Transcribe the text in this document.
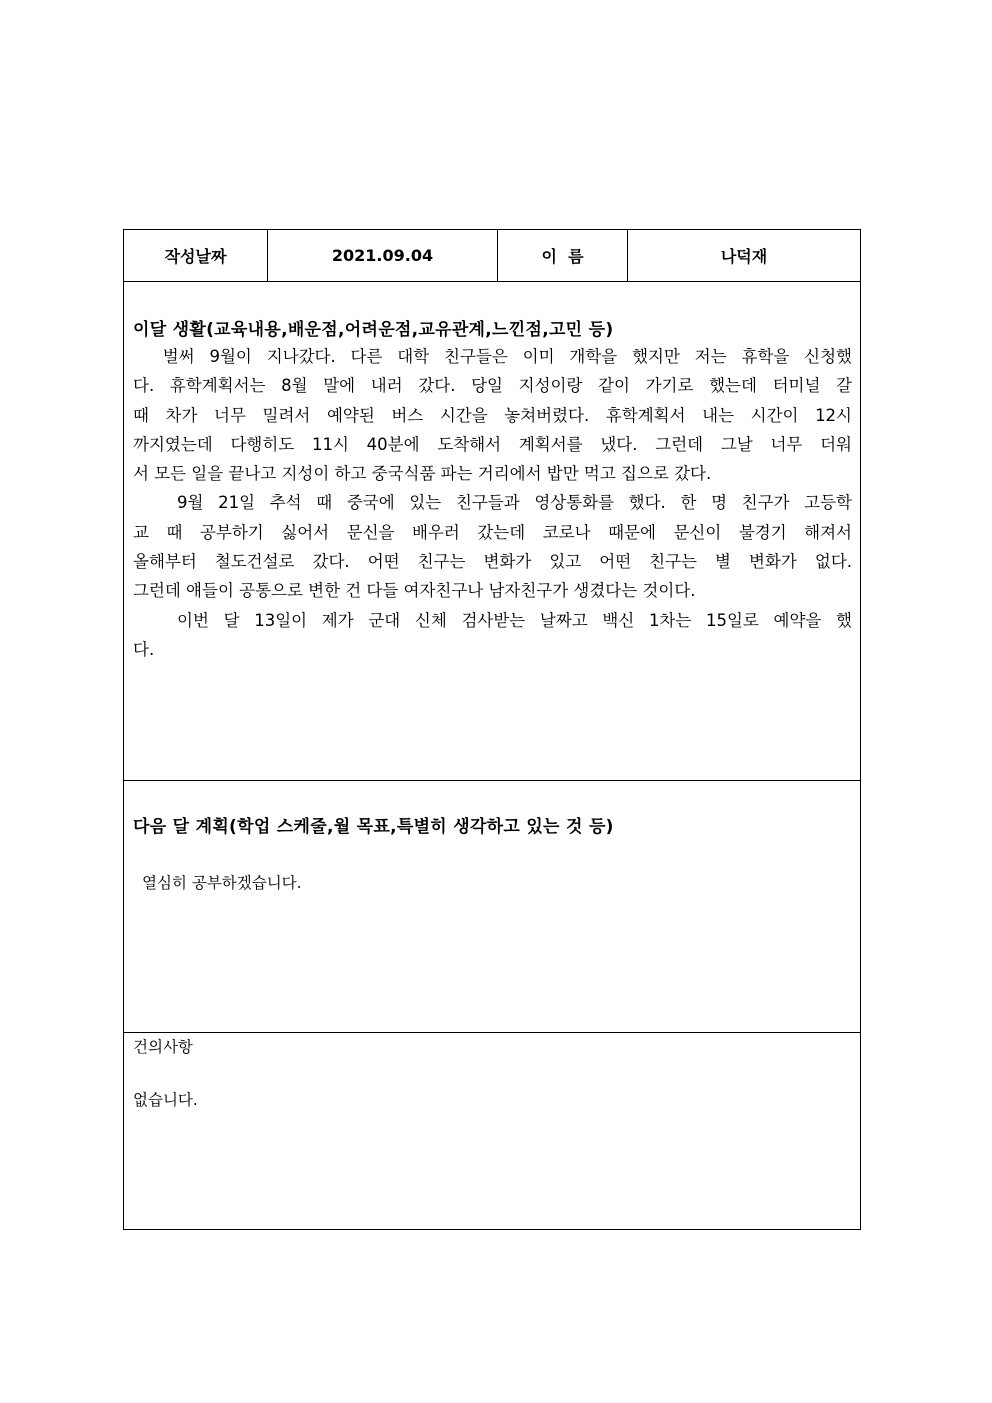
작성날짜	2021.09.04	이  름	나덕재
이달 생활(교육내용,배운점,어려운점,교유관계,느낀점,고민 등)
벌써 9월이 지나갔다. 다른 대학 친구들은 이미 개학을 했지만 저는 휴학을 신청했
다. 휴학계획서는 8월 말에 내러 갔다. 당일 지성이랑 같이 가기로 했는데 터미널 갈
때 차가 너무 밀려서 예약된 버스 시간을 놓쳐버렸다. 휴학계획서 내는 시간이 12시
까지였는데 다행히도 11시 40분에 도착해서 계획서를 냈다. 그런데 그날 너무 더워
서 모든 일을 끝나고 지성이 하고 중국식품 파는 거리에서 밥만 먹고 집으로 갔다.
9월 21일 추석 때 중국에 있는 친구들과 영상통화를 했다. 한 명 친구가 고등학
교 때 공부하기 싫어서 문신을 배우러 갔는데 코로나 때문에 문신이 불경기 해져서
올해부터 철도건설로 갔다. 어떤 친구는 변화가 있고 어떤 친구는 별 변화가 없다.
그런데 얘들이 공통으로 변한 건 다들 여자친구나 남자친구가 생겼다는 것이다.
이번 달 13일이 제가 군대 신체 검사받는 날짜고 백신 1차는 15일로 예약을 했
다.
다음 달 계획(학업 스케줄,월 목표,특별히 생각하고 있는 것 등)
열심히 공부하겠습니다.
건의사항
없습니다.
